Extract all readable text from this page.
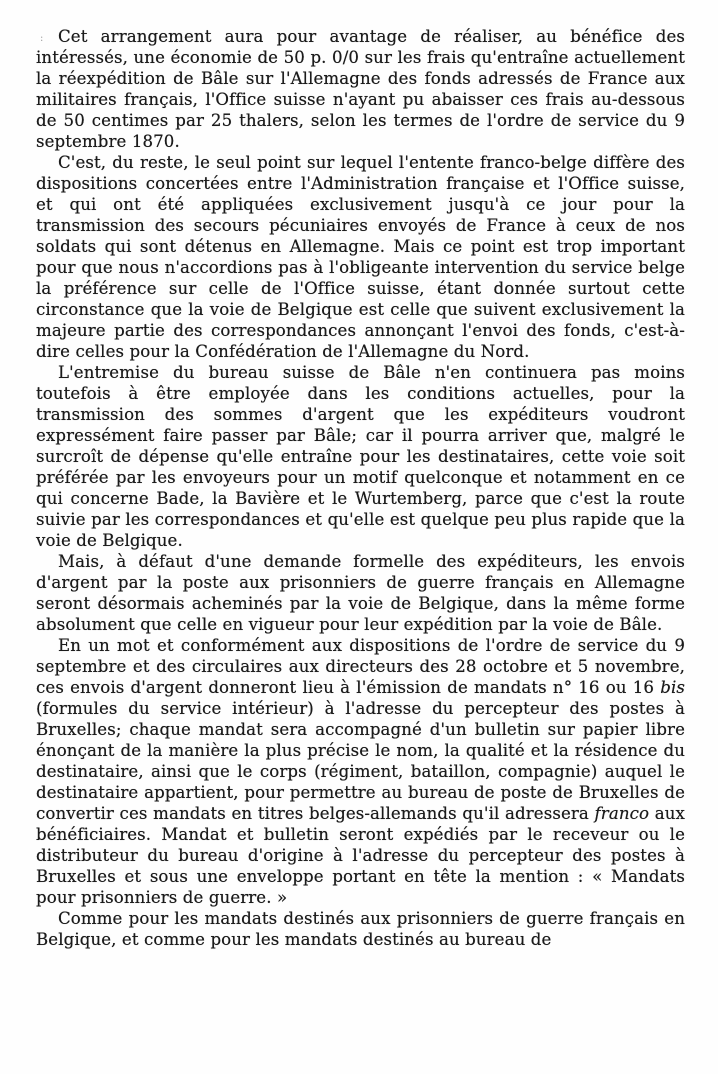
: Cet arrangement aura pour avantage de réaliser, au bénéfice des intéressés, une économie de 50 p. 0/0 sur les frais qu'entraîne actuellement la réexpédition de Bâle sur l'Allemagne des fonds adressés de France aux militaires français, l'Office suisse n'ayant pu abaisser ces frais au-dessous de 50 centimes par 25 thalers, selon les termes de l'ordre de service du 9 septembre 1870.

C'est, du reste, le seul point sur lequel l'entente franco-belge diffère des dispositions concertées entre l'Administration française et l'Office suisse, et qui ont été appliquées exclusivement jusqu'à ce jour pour la transmission des secours pécuniaires envoyés de France à ceux de nos soldats qui sont détenus en Allemagne. Mais ce point est trop important pour que nous n'accordions pas à l'obligeante intervention du service belge la préférence sur celle de l'Office suisse, étant donnée surtout cette circonstance que la voie de Belgique est celle que suivent exclusivement la majeure partie des correspondances annonçant l'envoi des fonds, c'est-à-dire celles pour la Confédération de l'Allemagne du Nord.

L'entremise du bureau suisse de Bâle n'en continuera pas moins toutefois à être employée dans les conditions actuelles, pour la transmission des sommes d'argent que les expéditeurs voudront expressément faire passer par Bâle; car il pourra arriver que, malgré le surcroît de dépense qu'elle entraîne pour les destinataires, cette voie soit préférée par les envoyeurs pour un motif quelconque et notamment en ce qui concerne Bade, la Bavière et le Wurtemberg, parce que c'est la route suivie par les correspondances et qu'elle est quelque peu plus rapide que la voie de Belgique.

Mais, à défaut d'une demande formelle des expéditeurs, les envois d'argent par la poste aux prisonniers de guerre français en Allemagne seront désormais acheminés par la voie de Belgique, dans la même forme absolument que celle en vigueur pour leur expédition par la voie de Bâle.

En un mot et conformément aux dispositions de l'ordre de service du 9 septembre et des circulaires aux directeurs des 28 octobre et 5 novembre, ces envois d'argent donneront lieu à l'émission de mandats n° 16 ou 16 bis (formules du service intérieur) à l'adresse du percepteur des postes à Bruxelles; chaque mandat sera accompagné d'un bulletin sur papier libre énonçant de la manière la plus précise le nom, la qualité et la résidence du destinataire, ainsi que le corps (régiment, bataillon, compagnie) auquel le destinataire appartient, pour permettre au bureau de poste de Bruxelles de convertir ces mandats en titres belges-allemands qu'il adressera franco aux bénéficiaires. Mandat et bulletin seront expédiés par le receveur ou le distributeur du bureau d'origine à l'adresse du percepteur des postes à Bruxelles et sous une enveloppe portant en tête la mention : « Mandats pour prisonniers de guerre. »

Comme pour les mandats destinés aux prisonniers de guerre français en Belgique, et comme pour les mandats destinés au bureau de
